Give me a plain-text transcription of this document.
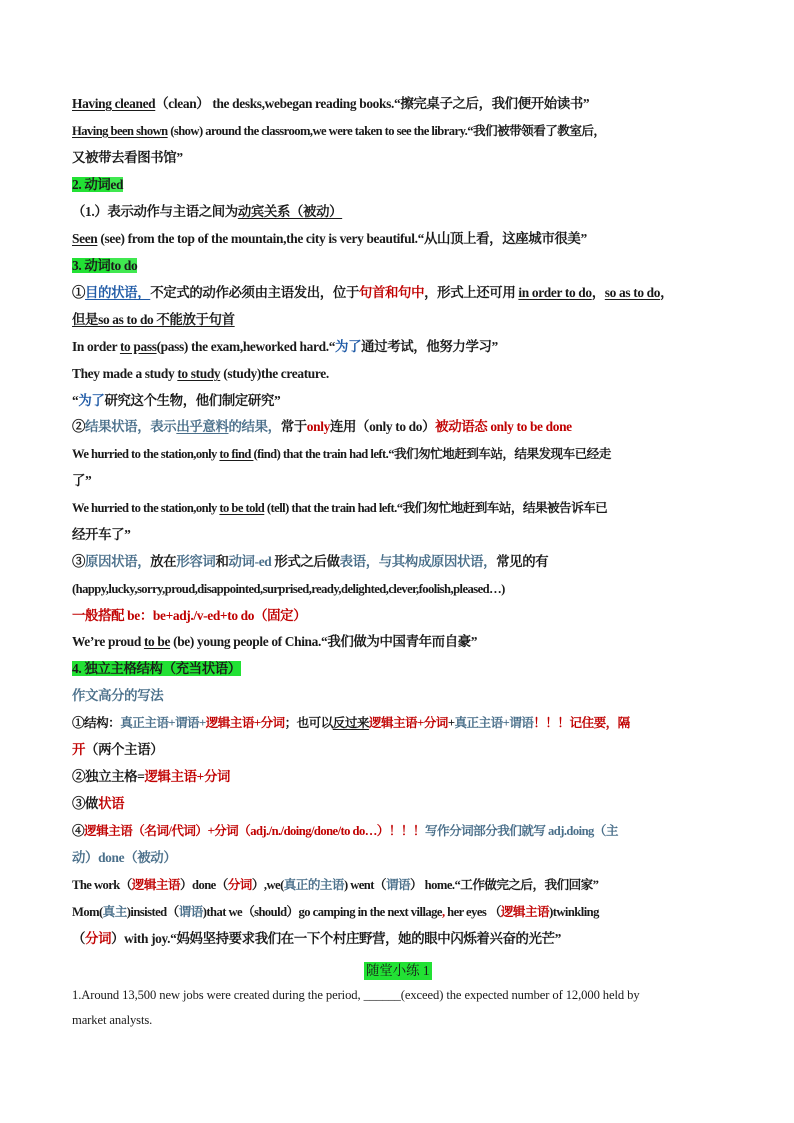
Having cleaned（clean） the desks,webegan reading books.“擦完桌子之后，我们便开始读书”
Having been shown (show) around the classroom,we were taken to see the library.“我们被带领看了教室后，
又被带去看图书馆”
2. 动词ed
（1.）表示动作与主语之间为动宾关系（被动）
Seen (see) from the top of the mountain,the city is very beautiful.“从山顶上看，这座城市很美”
3. 动词to do
①目的状语，不定式的动作必须由主语发出，位于句首和句中，形式上还可用 in order to do，so as to do，
但是so as to do 不能放于句首
In order to pass(pass) the exam,heworked hard.“为了通过考试，他努力学习”
They made a study to study (study)the creature.
“为了研究这个生物，他们制定研究”
②结果状语，表示出乎意料的结果，常于only连用（only to do）被动语态 only to be done
We hurried to the station,only to find (find) that the train had left.“我们匆忙地赶到车站，结果发现车已经走
了”
We hurried to the station,only to be told (tell) that the train had left.“我们匆忙地赶到车站，结果被告诉车已
经开车了”
③原因状语，放在形容词和动词-ed 形式之后做表语，与其构成原因状语，常见的有
(happy,lucky,sorry,proud,disappointed,surprised,ready,delighted,clever,foolish,pleased…)
一般搭配 be：be+adj./v-ed+to do（固定）
We’re proud to be (be) young people of China.“我们做为中国青年而自豪”
4. 独立主格结构（充当状语）
作文高分的写法
①结构：真正主语+谓语+逻辑主语+分词；也可以反过来逻辑主语+分词+真正主语+谓语！！！记住要，隔
开（两个主语）
②独立主格=逻辑主语+分词
③做状语
④逻辑主语（名词/代词）+分词（adj./n./doing/done/to do…）！！！写作分词部分我们就写 adj.doing（主
动）done（被动）
The work（逻辑主语）done（分词）,we(真正的主语) went（谓语） home.“工作做完之后，我们回家”
Mom(真主)insisted（谓语)that we（should）go camping in the next village, her eyes （逻辑主语)twinkling
（分词）with joy.“妈妈坚持要求我们在一下个村庄野营，她的眼中闪烁着兴奋的光芒”
随堂小练 1
1.Around 13,500 new jobs were created during the period, ______(exceed) the expected number of 12,000 held by
market analysts.
